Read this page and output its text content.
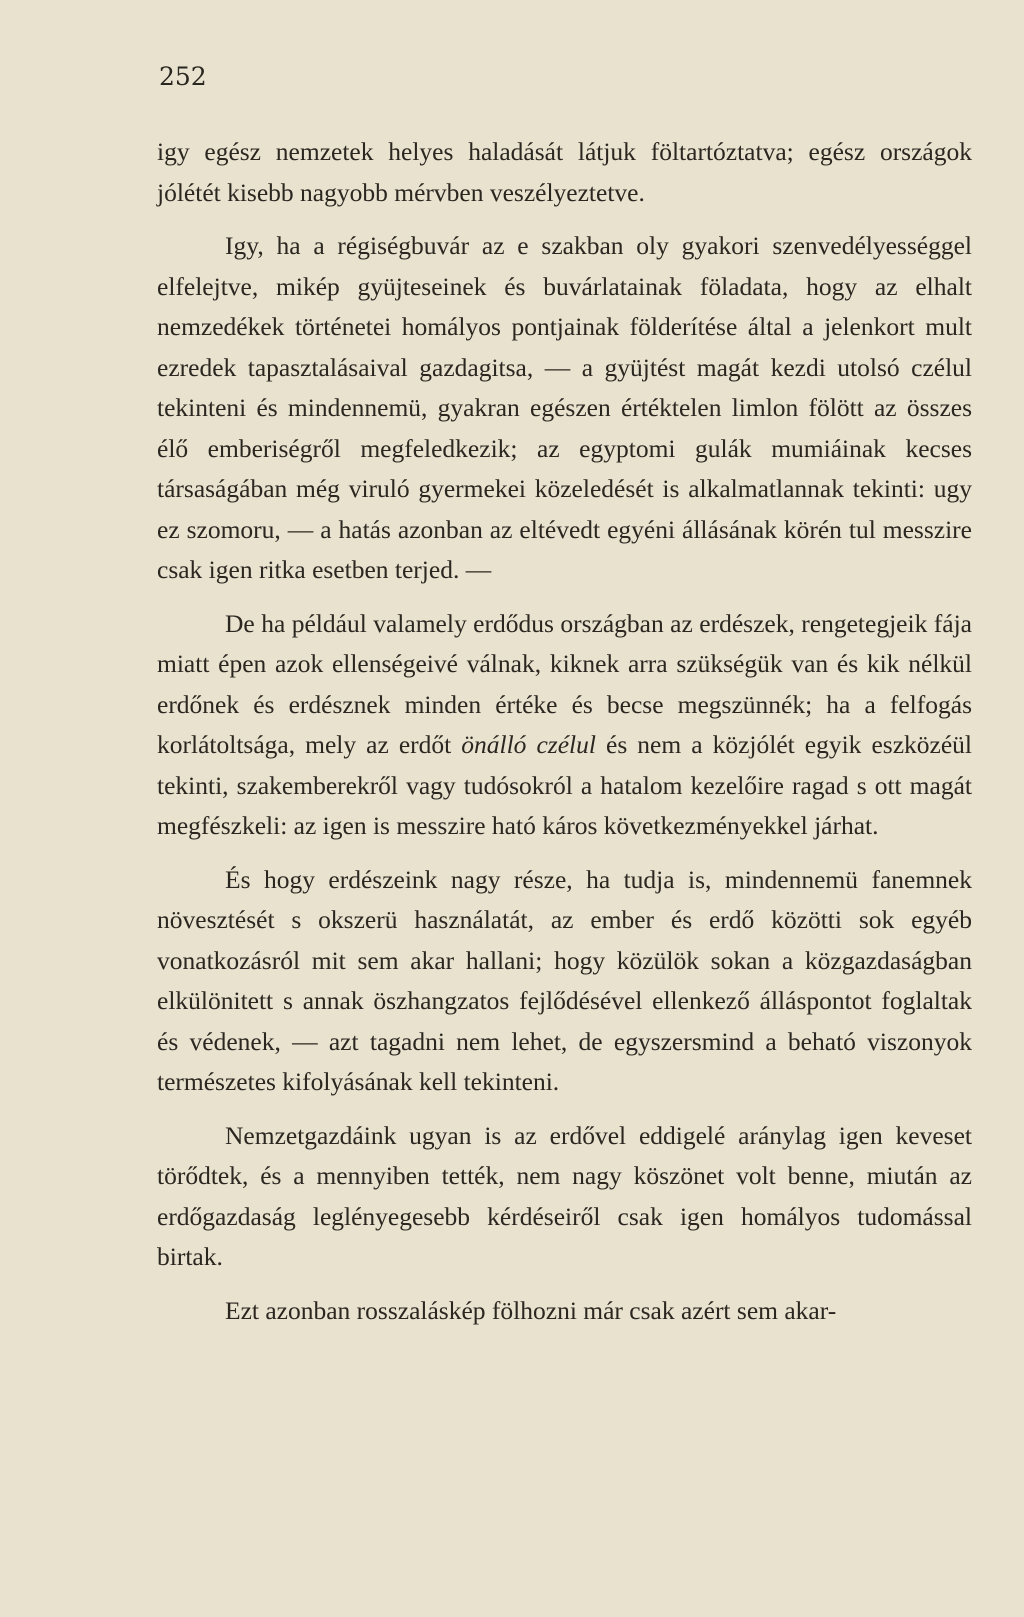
252

igy egész nemzetek helyes haladását látjuk föltartóztatva; egész országok jólétét kisebb nagyobb mérvben veszélyeztetve.

Igy, ha a régiségbuvár az e szakban oly gyakori szenvedélyességgel elfelejtve, mikép gyüjteseinek és buvárlatainak föladata, hogy az elhalt nemzedékek történetei homályos pontjainak földerítése által a jelenkort mult ezredek tapasztalásaival gazdagitsa, — a gyüjtést magát kezdi utolsó czélul tekinteni és mindennemü, gyakran egészen értéktelen limlon fölött az összes élő emberiségről megfeledkezik; az egyptomi gulák mumiáinak kecses társaságában még viruló gyermekei közeledését is alkalmatlannak tekinti: ugy ez szomoru, — a hatás azonban az eltévedt egyéni állásának körén tul messzire csak igen ritka esetben terjed. —

De ha például valamely erdődus országban az erdészek, rengetegjeik fája miatt épen azok ellenségeivé válnak, kiknek arra szükségük van és kik nélkül erdőnek és erdésznek minden értéke és becse megszünnék; ha a felfogás korlátoltsága, mely az erdőt önálló czélul és nem a közjólét egyik eszközéül tekinti, szakemberekről vagy tudósokról a hatalom kezelőire ragad s ott magát megfészkeli: az igen is messzire ható káros következményekkel járhat.

És hogy erdészeink nagy része, ha tudja is, mindennemü fanemnek növesztését s okszerü használatát, az ember és erdő közötti sok egyéb vonatkozásról mit sem akar hallani; hogy közülök sokan a közgazdaságban elkülönitett s annak öszhangzatos fejlődésével ellenkező álláspontot foglaltak és védenek, — azt tagadni nem lehet, de egyszersmind a beható viszonyok természetes kifolyásának kell tekinteni.

Nemzetgazdáink ugyan is az erdővel eddigelé aránylag igen keveset törődtek, és a mennyiben tették, nem nagy köszönet volt benne, miután az erdőgazdaság leglényegesebb kérdéseiről csak igen homályos tudomással birtak.

Ezt azonban rosszaláskép fölhozni már csak azért sem akar-
